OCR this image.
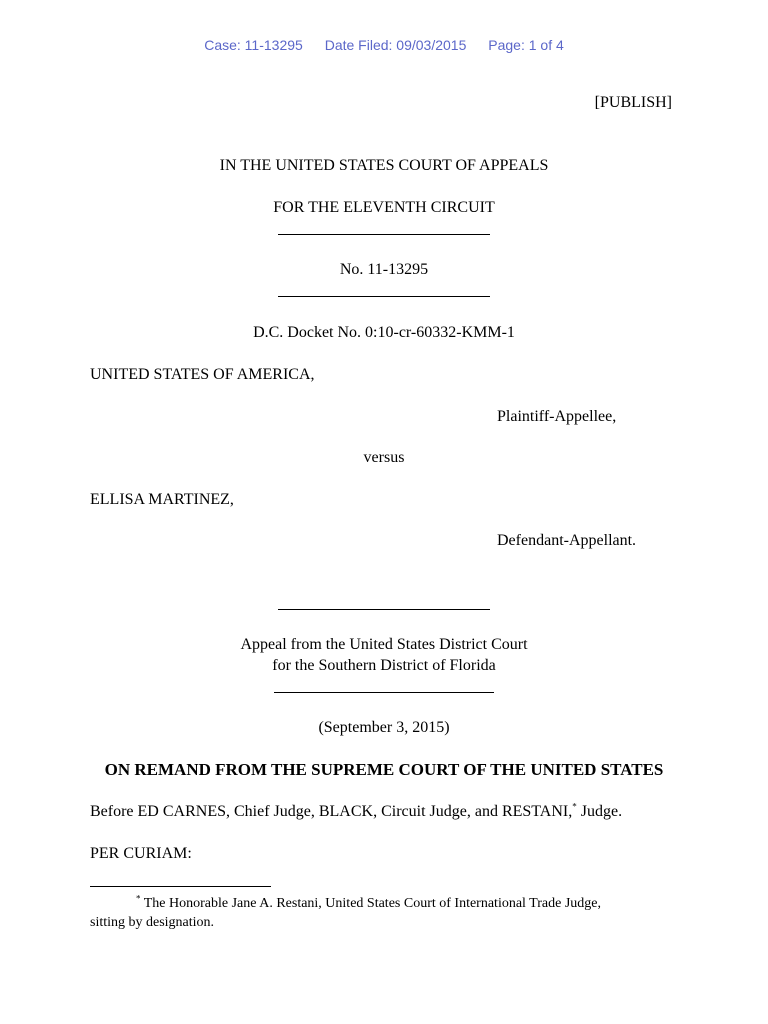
Case: 11-13295 Date Filed: 09/03/2015 Page: 1 of 4
[PUBLISH]
IN THE UNITED STATES COURT OF APPEALS
FOR THE ELEVENTH CIRCUIT
No. 11-13295
D.C. Docket No. 0:10-cr-60332-KMM-1
UNITED STATES OF AMERICA,
Plaintiff-Appellee,
versus
ELLISA MARTINEZ,
Defendant-Appellant.
Appeal from the United States District Court
for the Southern District of Florida
(September 3, 2015)
ON REMAND FROM THE SUPREME COURT OF THE UNITED STATES
Before ED CARNES, Chief Judge, BLACK, Circuit Judge, and RESTANI,* Judge.
PER CURIAM:
* The Honorable Jane A. Restani, United States Court of International Trade Judge,
sitting by designation.
